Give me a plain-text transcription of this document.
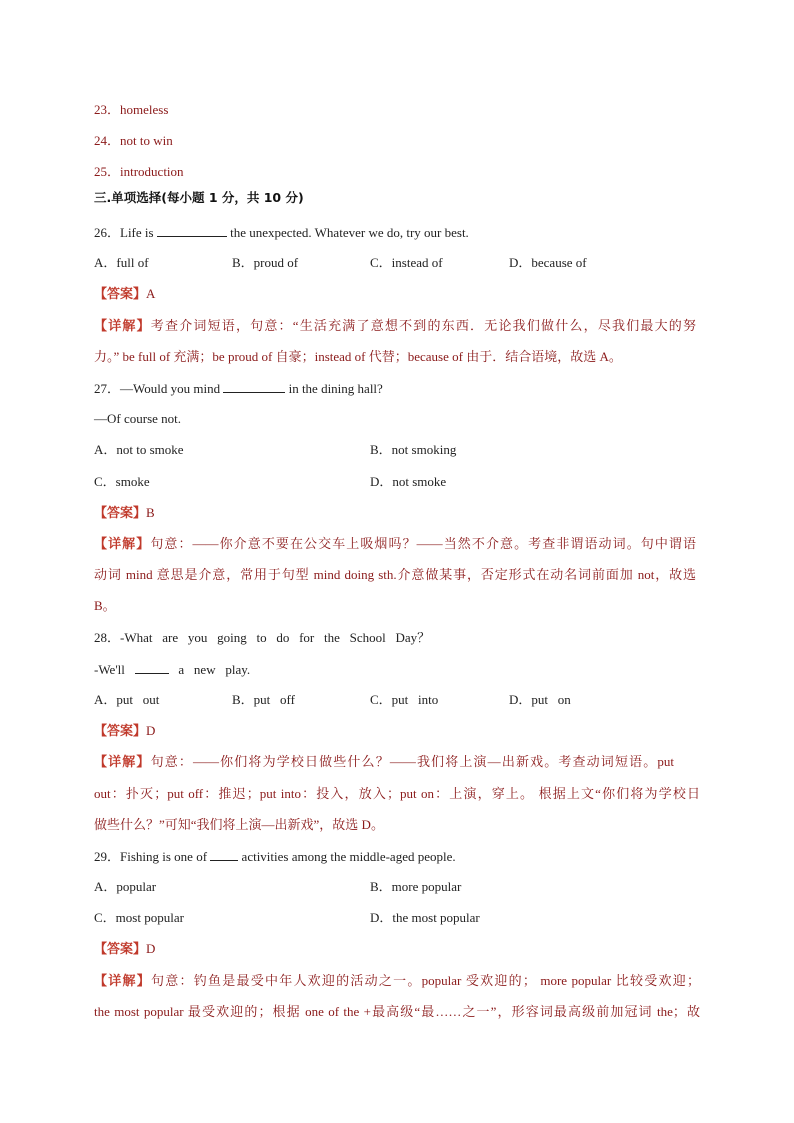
23．homeless
24．not to win
25．introduction
三.单项选择(每小题 1 分，共 10 分)
26．Life is	the unexpected. Whatever we do, try our best.
A．full of	B．proud of	C．instead of	D．because of
【答案】A
【详解】考查介词短语，句意：“生活充满了意想不到的东西．无论我们做什么，尽我们最大的努
力。” be full of 充满；be proud of 自豪；instead of 代替；because of 由于．结合语境，故选 A。
27．—Would you mind	in the dining hall?
—Of course not.
A．not to smoke	B．not smoking
C．smoke	D．not smoke
【答案】B
【详解】句意：——你介意不要在公交车上吸烟吗？——当然不介意。考查非谓语动词。句中谓语
动词 mind 意思是介意，常用于句型 mind doing sth.介意做某事，否定形式在动名词前面加 not，故选
B。
28．-What   are   you   going   to   do   for   the   School   Day？
-We'll	a   new   play.
A．put   out	B．put   off	C．put   into	D．put   on
【答案】D
【详解】句意：——你们将为学校日做些什么？——我们将上演—出新戏。考查动词短语。put
out：扑灭；put off：推迟；put into：投入，放入；put on：上演，穿上。 根据上文“你们将为学校日
做些什么？”可知“我们将上演—出新戏”，故选 D。
29．Fishing is one of  activities among the middle-aged people.
A．popular	B．more popular
C．most popular	D．the most popular
【答案】D
【详解】句意：钓鱼是最受中年人欢迎的活动之一。popular 受欢迎的； more popular 比较受欢迎；
the most popular 最受欢迎的；根据 one of the +最高级“最……之一”，形容词最高级前加冠词 the；故
